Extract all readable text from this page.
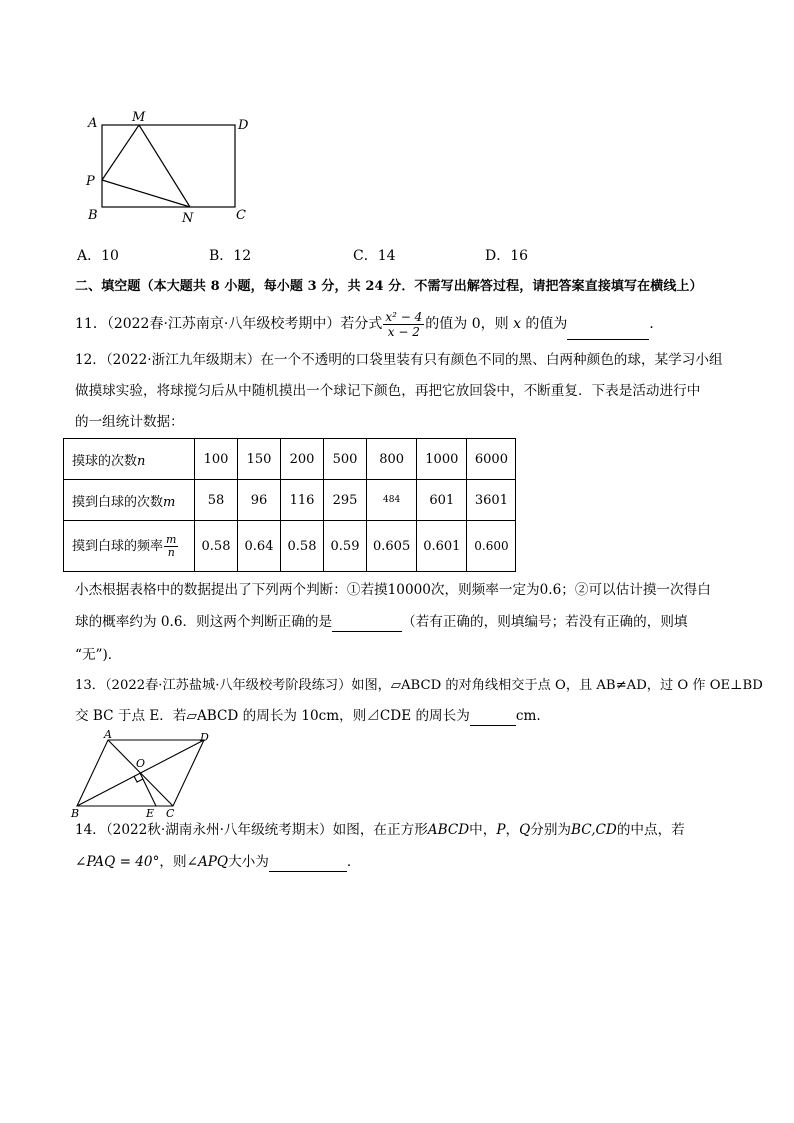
A	M
D
P
B	N	C
A．10	B．12	C．14	D．16
二、填空题（本大题共 8 小题，每小题 3 分，共 24 分．不需写出解答过程，请把答案直接填写在横线上）
11．（2022春·江苏南京·八年级校考期中）若分式 $\frac{\text{x² − 4}}{x - 2}$ 的值为 0，则 x 的值为	．
12．（2022·浙江九年级期末）在一个不透明的口袋里装有只有颜色不同的黑、白两种颜色的球，某学习小组
做摸球实验，将球搅匀后从中随机摸出一个球记下颜色，再把它放回袋中，不断重复．下表是活动进行中
的一组统计数据：
摸球的次数n	100	150	200	500	800	1000	6000
摸到白球的次数m	58	96	116	295	484	601	3601
摸到白球的频率 $\frac{m}{n}$	0.58	0.64	0.58	0.59	0.605	0.601	0.600
小杰根据表格中的数据提出了下列两个判断：①若摸10000次，则频率一定为0.6；②可以估计摸一次得白
球的概率约为 0.6．则这两个判断正确的是	（若有正确的，则填编号；若没有正确的，则填
“无”)．
13．（2022春·江苏盐城·八年级校考阶段练习）如图，▱ABCD 的对角线相交于点 O，且 AB≠AD，过 O 作 OE⊥BD
交 BC 于点 E．若▱ABCD 的周长为 10cm，则⊿CDE 的周长为	cm.
A	D
O
B	E C
14．（2022秋·湖南永州·八年级统考期末）如图，在正方形ABCD中，P，Q分别为BC,CD的中点，若
∠PAQ = 40°，则∠APQ大小为	．
